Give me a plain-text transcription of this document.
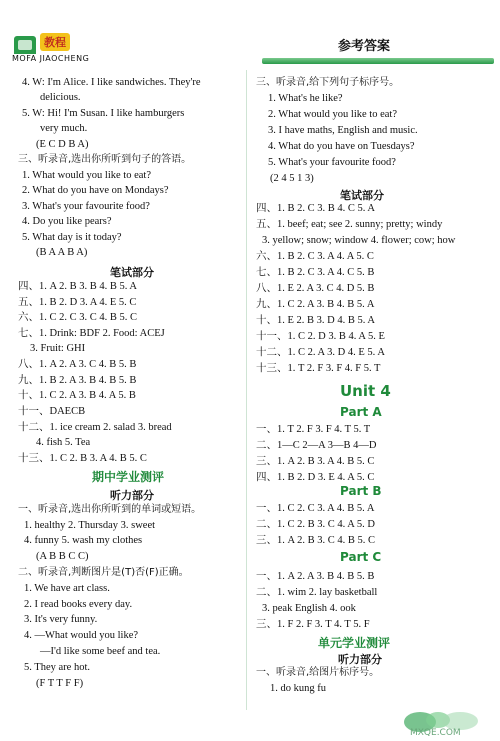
教程
MOFA JIAOCHENG
参考答案
4. W: I'm Alice. I like sandwiches. They're
delicious.
5. W: Hi! I'm Susan. I like hamburgers
very much.
(E C D B A)
三、听录音,选出你所听到句子的答语。
1. What would you like to eat?
2. What do you have on Mondays?
3. What's your favourite food?
4. Do you like pears?
5. What day is it today?
(B A A B A)
四、1. A 2. B 3. B 4. B 5. A
五、1. B 2. D 3. A 4. E 5. C
六、1. C 2. C 3. C 4. B 5. C
七、1. Drink: BDF 2. Food: ACEJ
3. Fruit: GHI
八、1. A 2. A 3. C 4. B 5. B
九、1. B 2. A 3. B 4. B 5. B
十、1. C 2. A 3. B 4. A 5. B
十一、DAECB
十二、1. ice cream 2. salad 3. bread
4. fish 5. Tea
十三、1. C 2. B 3. A 4. B 5. C
一、听录音,选出你所听到的单词或短语。
1. healthy 2. Thursday 3. sweet
4. funny 5. wash my clothes
(A B B C C)
二、听录音,判断图片是(T)否(F)正确。
1. We have art class.
2. I read books every day.
3. It's very funny.
4. —What would you like?
—I'd like some beef and tea.
5. They are hot.
(F T T F F)
笔试部分
期中学业测评
听力部分
三、听录音,给下列句子标序号。
1. What's he like?
2. What would you like to eat?
3. I have maths, English and music.
4. What do you have on Tuesdays?
5. What's your favourite food?
(2 4 5 1 3)
四、1. B 2. C 3. B 4. C 5. A
五、1. beef; eat; see 2. sunny; pretty; windy
3. yellow; snow; window 4. flower; cow; how
六、1. B 2. C 3. A 4. A 5. C
七、1. B 2. C 3. A 4. C 5. B
八、1. E 2. A 3. C 4. D 5. B
九、1. C 2. A 3. B 4. B 5. A
十、1. E 2. B 3. D 4. B 5. A
十一、1. C 2. D 3. B 4. A 5. E
十二、1. C 2. A 3. D 4. E 5. A
十三、1. T 2. F 3. F 4. F 5. T
一、1. T 2. F 3. F 4. T 5. T
二、1—C 2—A 3—B 4—D
三、1. A 2. B 3. A 4. B 5. C
四、1. B 2. D 3. E 4. A 5. C
一、1. C 2. C 3. A 4. B 5. A
二、1. C 2. B 3. C 4. A 5. D
三、1. A 2. B 3. C 4. B 5. C
一、1. A 2. A 3. B 4. B 5. B
二、1. wim 2. lay basketball
3. peak English 4. ook
三、1. F 2. F 3. T 4. T 5. F
一、听录音,给图片标序号。
1. do kung fu
笔试部分
Unit 4
Part A
Part B
Part C
单元学业测评
听力部分
MXQE.COM
